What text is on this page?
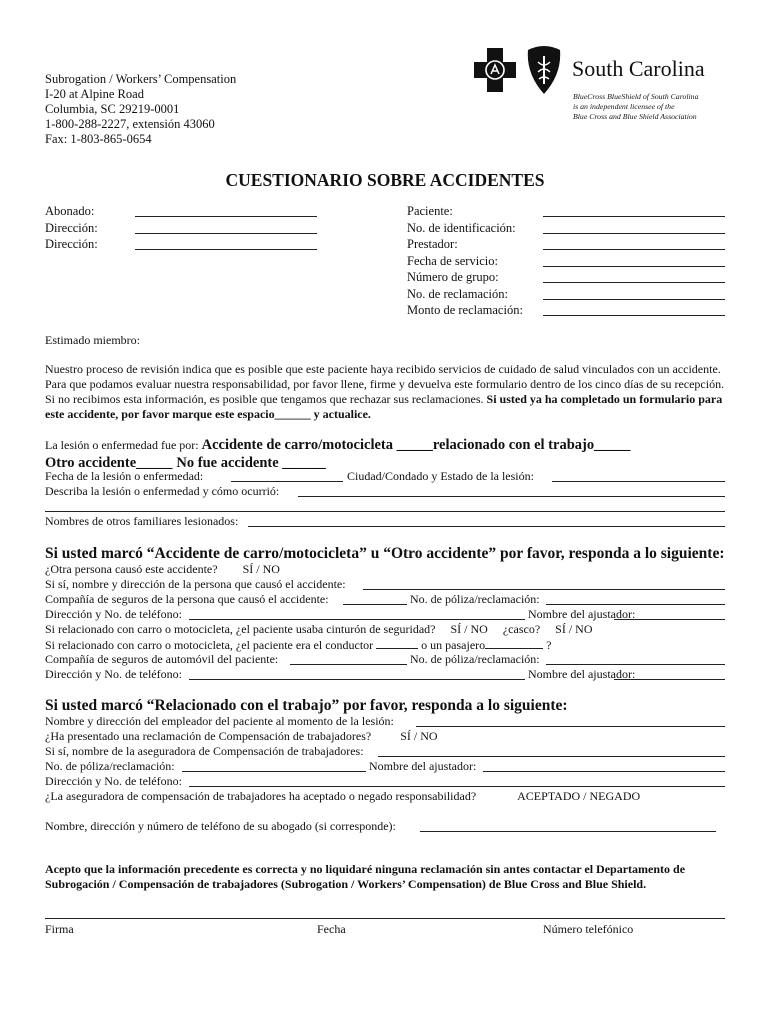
Subrogation / Workers’ Compensation
I-20 at Alpine Road
Columbia, SC 29219-0001
1-800-288-2227, extensión 43060
Fax: 1-803-865-0654
South Carolina
BlueCross BlueShield of South Carolina
is an independent licensee of the
Blue Cross and Blue Shield Association
CUESTIONARIO SOBRE ACCIDENTES
Abonado:
Dirección:
Dirección:
Paciente:
No. de identificación:
Prestador:
Fecha de servicio:
Número de grupo:
No. de reclamación:
Monto de reclamación:
Estimado miembro:
Nuestro proceso de revisión indica que es posible que este paciente haya recibido servicios de cuidado de salud vinculados con un accidente. Para que podamos evaluar nuestra responsabilidad, por favor llene, firme y devuelva este formulario dentro de los cinco días de su recepción. Si no recibimos esta información, es posible que tengamos que rechazar sus reclamaciones. Si usted ya ha completado un formulario para este accidente, por favor marque este espacio______ y actualice.
La lesión o enfermedad fue por: Accidente de carro/motocicleta _____relacionado con el trabajo_____
Otro accidente_____ No fue accidente ______
Fecha de la lesión o enfermedad:	Ciudad/Condado y Estado de la lesión:
Describa la lesión o enfermedad y cómo ocurrió:
Nombres de otros familiares lesionados:
Si usted marcó “Accidente de carro/motocicleta” u “Otro accidente” por favor, responda a lo siguiente:
¿Otra persona causó este accidente? SÍ / NO
Si sí, nombre y dirección de la persona que causó el accidente:
Compañía de seguros de la persona que causó el accidente:	No. de póliza/reclamación:
Dirección y No. de teléfono:	Nombre del ajustador:
Si relacionado con carro o motocicleta, ¿el paciente usaba cinturón de seguridad? SÍ / NO ¿casco? SÍ / NO
Si relacionado con carro o motocicleta, ¿el paciente era el conductor	o un pasajero	?
Compañía de seguros de automóvil del paciente:	No. de póliza/reclamación:
Dirección y No. de teléfono:	Nombre del ajustador:
Si usted marcó “Relacionado con el trabajo” por favor, responda a lo siguiente:
Nombre y dirección del empleador del paciente al momento de la lesión:
¿Ha presentado una reclamación de Compensación de trabajadores? SÍ / NO
Si sí, nombre de la aseguradora de Compensación de trabajadores:
No. de póliza/reclamación:	Nombre del ajustador:
Dirección y No. de teléfono:
¿La aseguradora de compensación de trabajadores ha aceptado o negado responsabilidad?	ACEPTADO / NEGADO
Nombre, dirección y número de teléfono de su abogado (si corresponde):
Acepto que la información precedente es correcta y no liquidaré ninguna reclamación sin antes contactar el Departamento de Subrogación / Compensación de trabajadores (Subrogation / Workers’ Compensation) de Blue Cross and Blue Shield.
Firma	Fecha	Número telefónico
